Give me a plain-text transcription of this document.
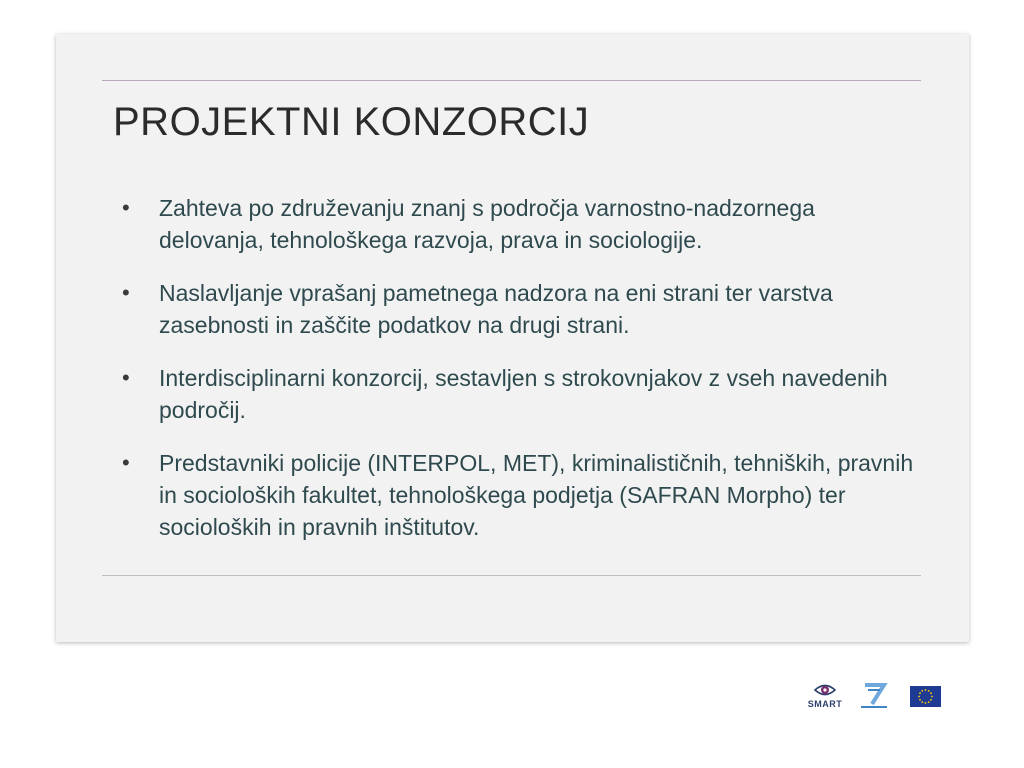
PROJEKTNI KONZORCIJ
• Zahteva po združevanju znanj s področja varnostno-nadzornega delovanja, tehnološkega razvoja, prava in sociologije.
• Naslavljanje vprašanj pametnega nadzora na eni strani ter varstva zasebnosti in zaščite podatkov na drugi strani.
• Interdisciplinarni konzorcij, sestavljen s strokovnjakov z vseh navedenih področij.
• Predstavniki policije (INTERPOL, MET), kriminalističnih, tehniških, pravnih in socioloških fakultet, tehnološkega podjetja (SAFRAN Morpho) ter socioloških in pravnih inštitutov.
SMART
